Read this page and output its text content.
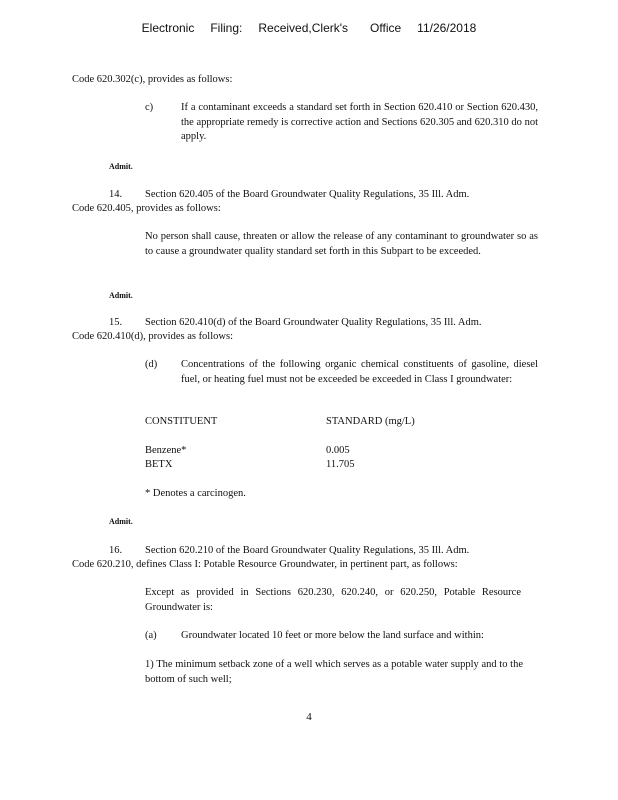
Electronic Filing: Received,Clerk's Office 11/26/2018
Code 620.302(c), provides as follows:
c)	If a contaminant exceeds a standard set forth in Section 620.410 or Section 620.430, the appropriate remedy is corrective action and Sections 620.305 and 620.310 do not apply.
Admit.
14. Section 620.405 of the Board Groundwater Quality Regulations, 35 Ill. Adm.
Code 620.405, provides as follows:
No person shall cause, threaten or allow the release of any contaminant to groundwater so as to cause a groundwater quality standard set forth in this Subpart to be exceeded.
Admit.
15. Section 620.410(d) of the Board Groundwater Quality Regulations, 35 Ill. Adm.
Code 620.410(d), provides as follows:
(d) Concentrations of the following organic chemical constituents of gasoline, diesel fuel, or heating fuel must not be exceeded be exceeded in Class I groundwater:
CONSTITUENT	STANDARD (mg/L)
Benzene*	0.005
BETX	11.705
* Denotes a carcinogen.
Admit.
16. Section 620.210 of the Board Groundwater Quality Regulations, 35 Ill. Adm.
Code 620.210, defines Class I: Potable Resource Groundwater, in pertinent part, as follows:
Except as provided in Sections 620.230, 620.240, or 620.250, Potable Resource Groundwater is:
(a) Groundwater located 10 feet or more below the land surface and within:
1) The minimum setback zone of a well which serves as a potable water supply and to the bottom of such well;
4
